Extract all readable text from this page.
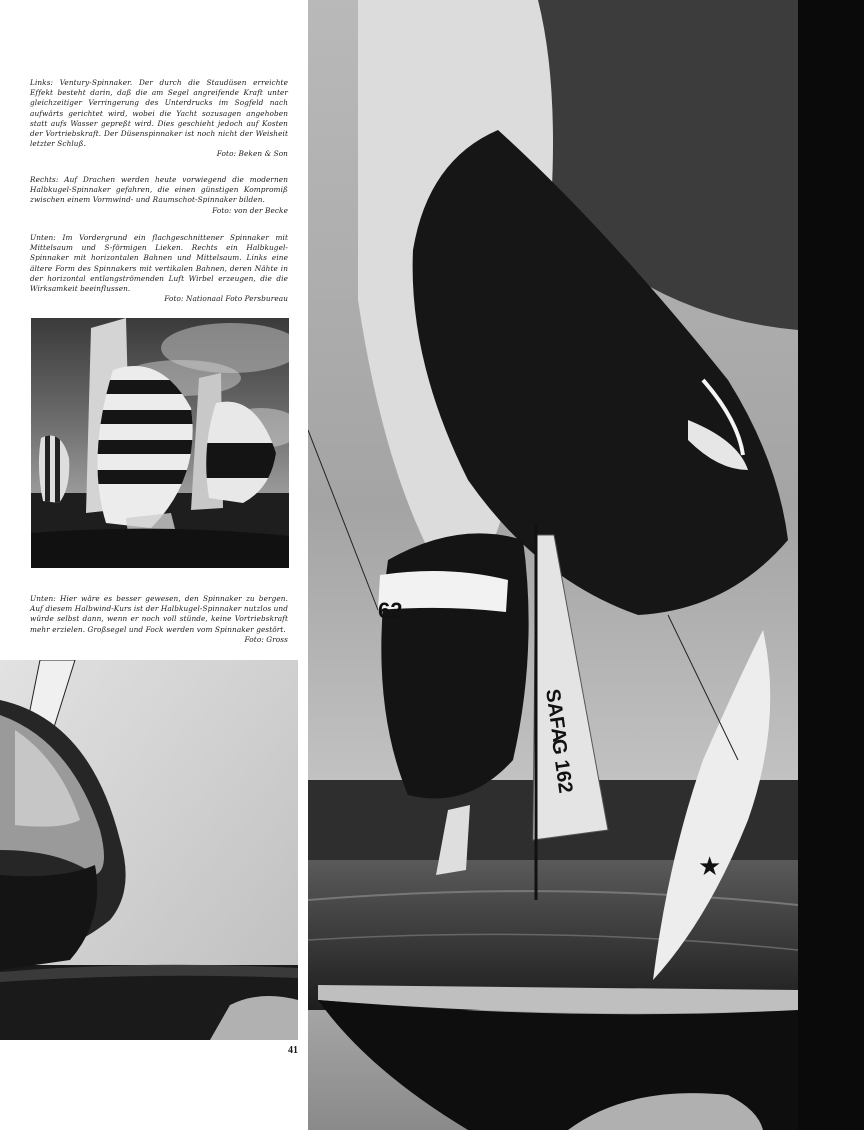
Links: Ventury-Spinnaker. Der durch die Staudüsen erreichte Effekt besteht darin, daß die am Segel angreifende Kraft unter gleichzeitiger Verringerung des Unterdrucks im Sogfeld nach aufwärts gerichtet wird, wobei die Yacht sozusagen angehoben statt aufs Wasser gepreßt wird. Dies geschieht jedoch auf Kosten der Vortriebskraft. Der Düsenspinnaker ist noch nicht der Weisheit letzter Schluß.
Foto: Beken & Son

Rechts: Auf Drachen werden heute vorwiegend die modernen Halbkugel-Spinnaker gefahren, die einen günstigen Kompromiß zwischen einem Vormwind- und Raumschot-Spinnaker bilden.
Foto: von der Becke

Unten: Im Vordergrund ein flachgeschnittener Spinnaker mit Mittelsaum und S-förmigen Lieken. Rechts ein Halbkugel-Spinnaker mit horizontalen Bahnen und Mittelsaum. Links eine ältere Form des Spinnakers mit vertikalen Bahnen, deren Nähte in der horizontal entlangströmenden Luft Wirbel erzeugen, die die Wirksamkeit beeinflussen.
Foto: Nationaal Foto Persbureau

Unten: Hier wäre es besser gewesen, den Spinnaker zu bergen. Auf diesem Halbwind-Kurs ist der Halbkugel-Spinnaker nutzlos und würde selbst dann, wenn er noch voll stünde, keine Vortriebskraft mehr erzielen. Großsegel und Fock werden vom Spinnaker gestört.
Foto: Gross

41
★
62
SAFA
G 162
